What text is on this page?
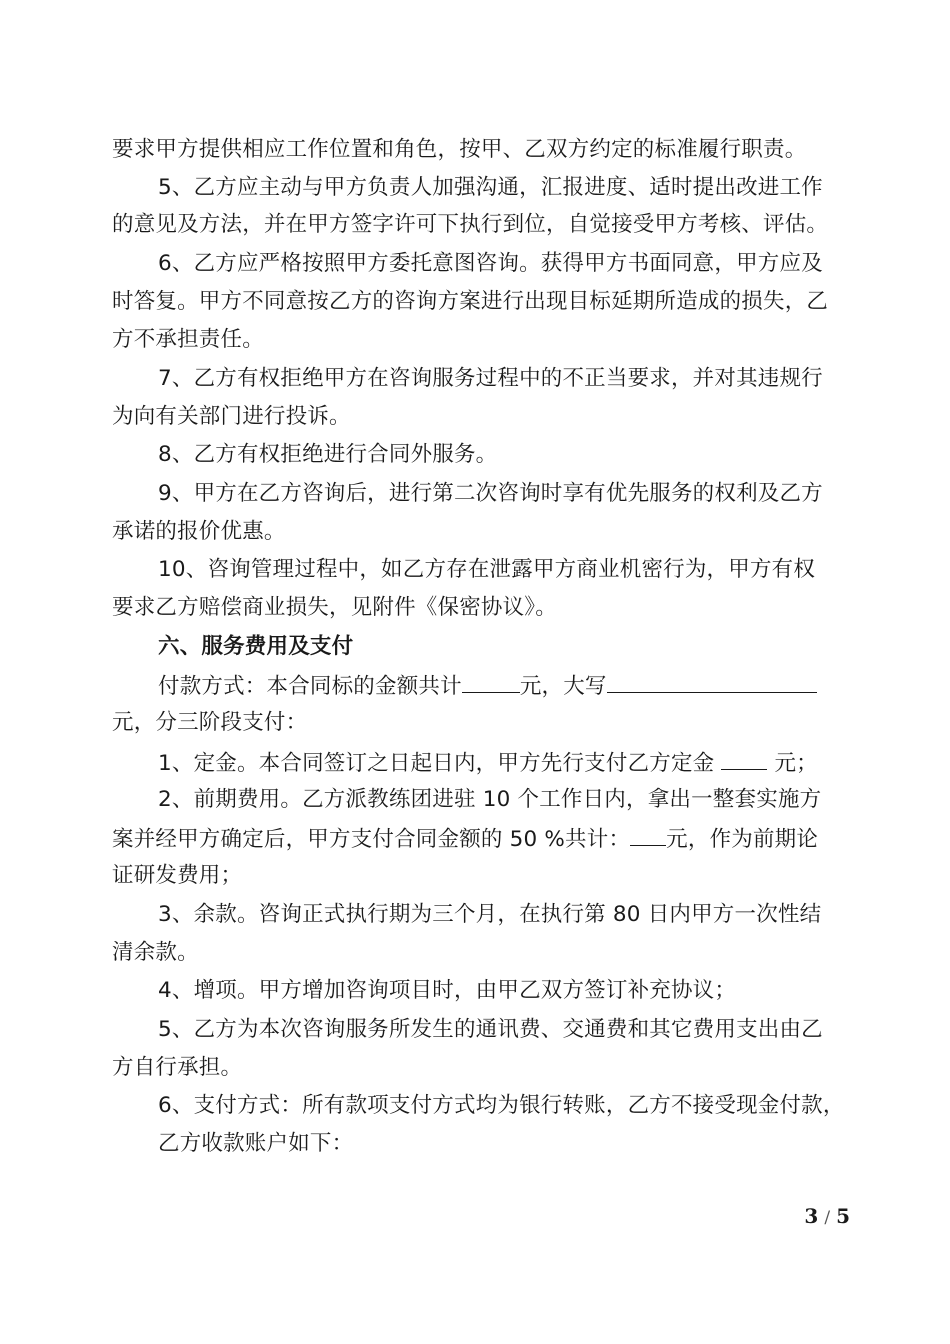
要求甲方提供相应工作位置和角色，按甲、乙双方约定的标准履行职责。
5、乙方应主动与甲方负责人加强沟通，汇报进度、适时提出改进工作
的意见及方法，并在甲方签字许可下执行到位，自觉接受甲方考核、评估。
6、乙方应严格按照甲方委托意图咨询。获得甲方书面同意，甲方应及
时答复。甲方不同意按乙方的咨询方案进行出现目标延期所造成的损失，乙
方不承担责任。
7、乙方有权拒绝甲方在咨询服务过程中的不正当要求，并对其违规行
为向有关部门进行投诉。
8、乙方有权拒绝进行合同外服务。
9、甲方在乙方咨询后，进行第二次咨询时享有优先服务的权利及乙方
承诺的报价优惠。
10、咨询管理过程中，如乙方存在泄露甲方商业机密行为，甲方有权
要求乙方赔偿商业损失，见附件《保密协议》。
六、服务费用及支付
付款方式：本合同标的金额共计	元，大写
元，分三阶段支付：
1、定金。本合同签订之日起日内，甲方先行支付乙方定金	元；
2、前期费用。乙方派教练团进驻 10 个工作日内，拿出一整套实施方
案并经甲方确定后，甲方支付合同金额的 50 %共计： 元，作为前期论
证研发费用；
3、余款。咨询正式执行期为三个月，在执行第 80 日内甲方一次性结
清余款。
4、增项。甲方增加咨询项目时，由甲乙双方签订补充协议；
5、乙方为本次咨询服务所发生的通讯费、交通费和其它费用支出由乙
方自行承担。
6、支付方式：所有款项支付方式均为银行转账，乙方不接受现金付款，
乙方收款账户如下：
3 / 5
